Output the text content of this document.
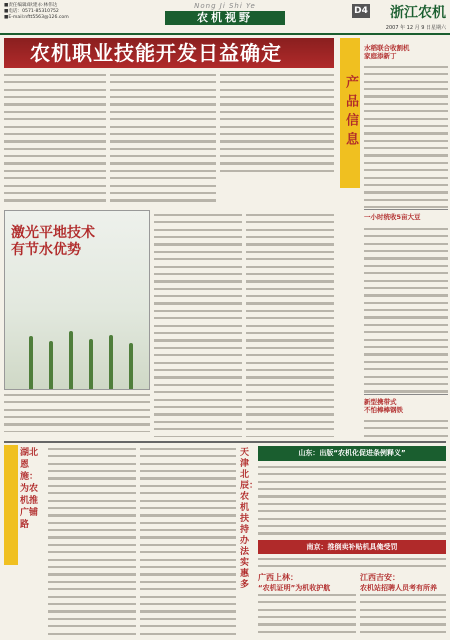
■责任编辑/耿建永·林伟达
■电话：0571-85310752
■E-mail:nftt5563@126.com
Nong Ji Shi Ye
农机视野	D4	浙江农机
2007 年 12 月 9 日星期六
农机职业技能开发日益确定
激光平地技术
有节水优势
产品信息
水稻联合收割机
家庭添新丁
一小时统收5亩大豆
新型携带式
不怕棒棒钢铁
湖北恩施：为农机推广铺路
天津北辰：农机扶持办法实惠多
山东：出版“农机化促进条例释义”
南京：推倒卖补贴机具俺受罚
广西上林：
“农机证明”为机收护航
江西吉安：
农机站招聘人员考有所养
